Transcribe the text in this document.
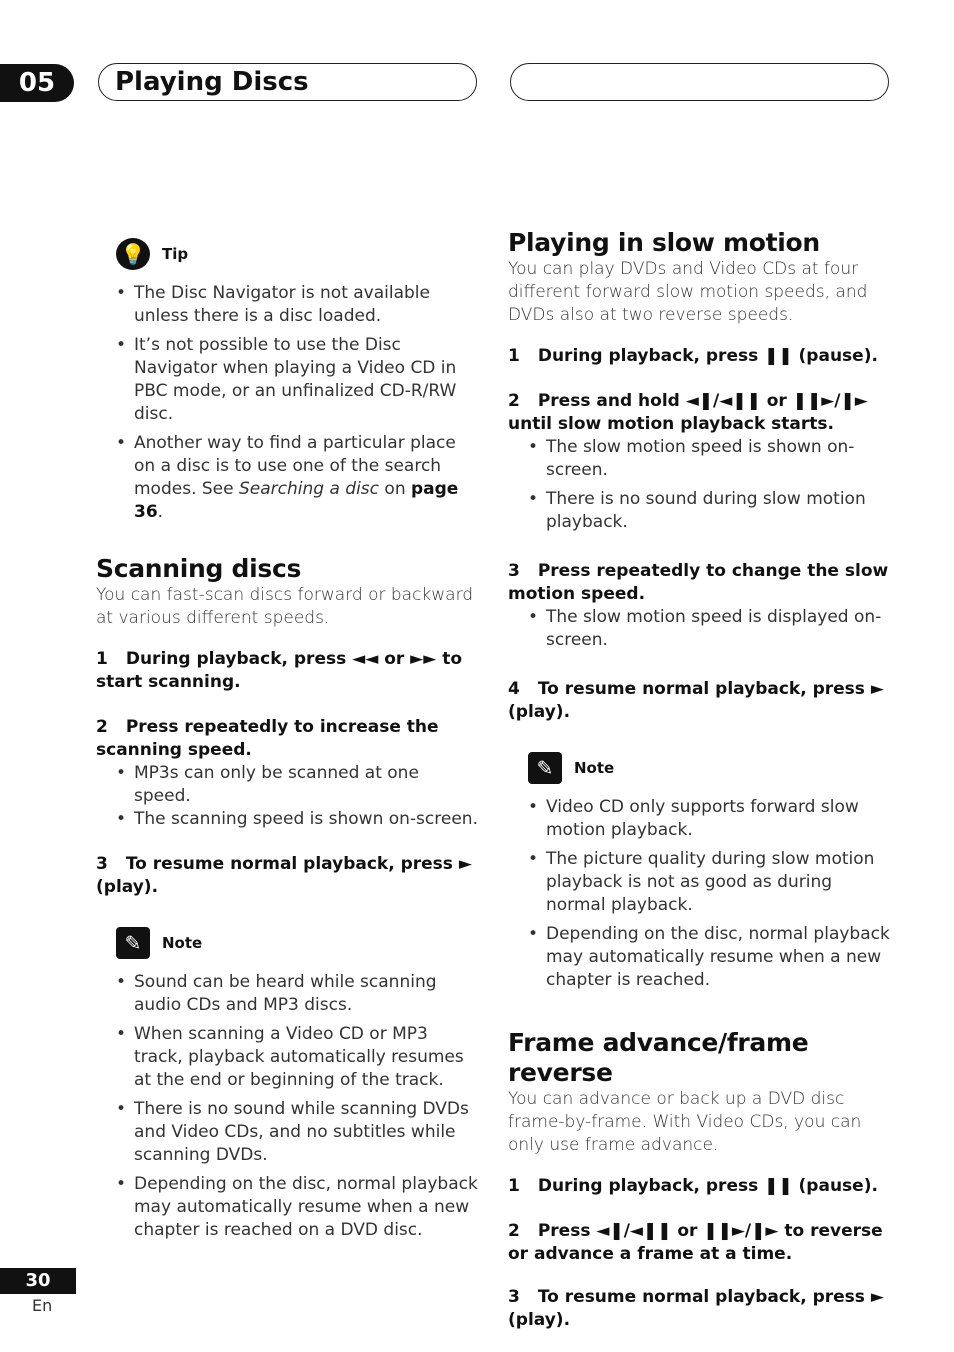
05	Playing Discs
💡	Tip
• The Disc Navigator is not available unless there is a disc loaded.
• It’s not possible to use the Disc Navigator when playing a Video CD in PBC mode, or an unfinalized CD-R/RW disc.
• Another way to find a particular place on a disc is to use one of the search modes. See Searching a disc on page 36.
Scanning discs

You can fast-scan discs forward or backward at various different speeds.

1 During playback, press ◄◄ or ►► to start scanning.

2 Press repeatedly to increase the scanning speed.

• MP3s can only be scanned at one speed.
• The scanning speed is shown on-screen.

3 To resume normal playback, press ► (play).

✎	Note
• Sound can be heard while scanning audio CDs and MP3 discs.
• When scanning a Video CD or MP3 track, playback automatically resumes at the end or beginning of the track.
• There is no sound while scanning DVDs and Video CDs, and no subtitles while scanning DVDs.
• Depending on the disc, normal playback may automatically resume when a new chapter is reached on a DVD disc.
Playing in slow motion

You can play DVDs and Video CDs at four different forward slow motion speeds, and DVDs also at two reverse speeds.

1 During playback, press ❚❚ (pause).

2 Press and hold ◄❚/◄❚❚ or ❚❚►/❚► until slow motion playback starts.

• The slow motion speed is shown on-screen.
• There is no sound during slow motion playback.

3 Press repeatedly to change the slow motion speed.

• The slow motion speed is displayed on-screen.

4 To resume normal playback, press ► (play).

✎	Note
• Video CD only supports forward slow motion playback.
• The picture quality during slow motion playback is not as good as during normal playback.
• Depending on the disc, normal playback may automatically resume when a new chapter is reached.
Frame advance/frame reverse

You can advance or back up a DVD disc frame-by-frame. With Video CDs, you can only use frame advance.

1 During playback, press ❚❚ (pause).

2 Press ◄❚/◄❚❚ or ❚❚►/❚► to reverse or advance a frame at a time.

3 To resume normal playback, press ► (play).

30
En
